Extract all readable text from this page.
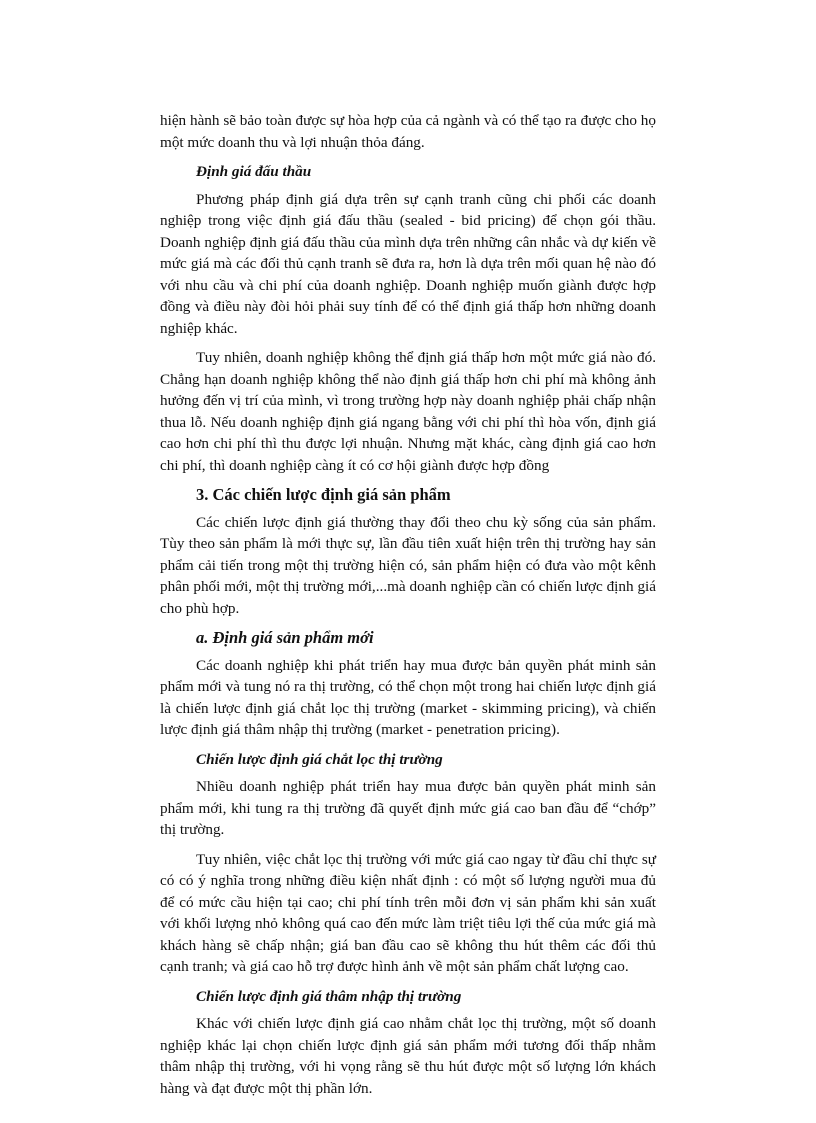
hiện hành sẽ bảo toàn được sự hòa hợp của cả ngành và có thể tạo ra được cho họ một mức doanh thu và lợi nhuận thỏa đáng.

Định giá đấu thầu

Phương pháp định giá dựa trên sự cạnh tranh cũng chi phối các doanh nghiệp trong việc định giá đấu thầu (sealed - bid pricing) để chọn gói thầu. Doanh nghiệp định giá đấu thầu của mình dựa trên những cân nhắc và dự kiến về mức giá mà các đối thủ cạnh tranh sẽ đưa ra, hơn là dựa trên mối quan hệ nào đó với nhu cầu và chi phí của doanh nghiệp. Doanh nghiệp muốn giành được hợp đồng và điều này đòi hỏi phải suy tính để có thể định giá thấp hơn những doanh nghiệp khác.

Tuy nhiên, doanh nghiệp không thể định giá thấp hơn một mức giá nào đó. Chẳng hạn doanh nghiệp không thể nào định giá thấp hơn chi phí mà không ảnh hưởng đến vị trí của mình, vì trong trường hợp này doanh nghiệp phải chấp nhận thua lỗ. Nếu doanh nghiệp định giá ngang bằng với chi phí thì hòa vốn, định giá cao hơn chi phí thì thu được lợi nhuận. Nhưng mặt khác, càng định giá cao hơn chi phí, thì doanh nghiệp càng ít có cơ hội giành được hợp đồng

3. Các chiến lược định giá sản phẩm

Các chiến lược định giá thường thay đổi theo chu kỳ sống của sản phẩm. Tùy theo sản phẩm là mới thực sự, lần đầu tiên xuất hiện trên thị trường hay sản phẩm cải tiến trong một thị trường hiện có, sản phẩm hiện có đưa vào một kênh phân phối mới, một thị trường mới,...mà doanh nghiệp cần có chiến lược định giá cho phù hợp.

a. Định giá sản phẩm mới

Các doanh nghiệp khi phát triển hay mua được bản quyền phát minh sản phẩm mới và tung nó ra thị trường, có thể chọn một trong hai chiến lược định giá là chiến lược định giá chắt lọc thị trường (market - skimming pricing), và chiến lược định giá thâm nhập thị trường (market - penetration pricing).

Chiến lược định giá chắt lọc thị trường

Nhiều doanh nghiệp phát triển hay mua được bản quyền phát minh sản phẩm mới, khi tung ra thị trường đã quyết định mức giá cao ban đầu để “chớp” thị trường.

Tuy nhiên, việc chắt lọc thị trường với mức giá cao ngay từ đầu chỉ thực sự có có ý nghĩa trong những điều kiện nhất định : có một số lượng người mua đủ để có mức cầu hiện tại cao; chi phí tính trên mỗi đơn vị sản phẩm khi sản xuất với khối lượng nhỏ không quá cao đến mức làm triệt tiêu lợi thế của mức giá mà khách hàng sẽ chấp nhận; giá ban đầu cao sẽ không thu hút thêm các đối thủ cạnh tranh; và giá cao hỗ trợ được hình ảnh về một sản phẩm chất lượng cao.

Chiến lược định giá thâm nhập thị trường

Khác với chiến lược định giá cao nhằm chắt lọc thị trường, một số doanh nghiệp khác lại chọn chiến lược định giá sản phẩm mới tương đối thấp nhằm thâm nhập thị trường, với hi vọng rằng sẽ thu hút được một số lượng lớn khách hàng và đạt được một thị phần lớn.
